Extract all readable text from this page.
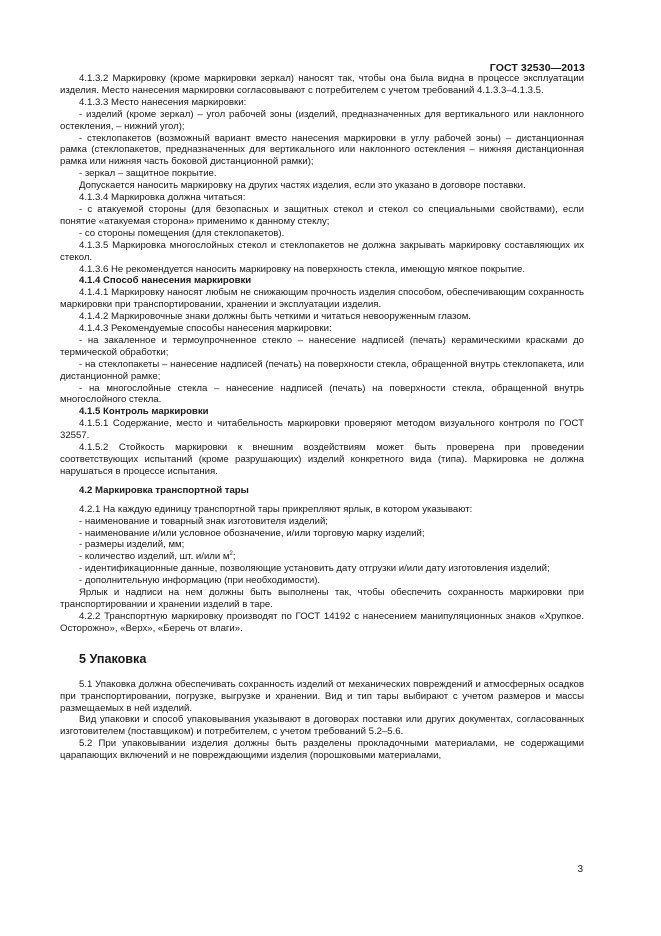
ГОСТ 32530—2013

4.1.3.2 Маркировку (кроме маркировки зеркал) наносят так, чтобы она была видна в процессе эксплуатации изделия. Место нанесения маркировки согласовывают с потребителем с учетом требований 4.1.3.3–4.1.3.5.

4.1.3.3 Место нанесения маркировки:

- изделий (кроме зеркал) – угол рабочей зоны (изделий, предназначенных для вертикального или наклонного остекления, – нижний угол);

- стеклопакетов (возможный вариант вместо нанесения маркировки в углу рабочей зоны) – дистанционная рамка (стеклопакетов, предназначенных для вертикального или наклонного остекления – нижняя дистанционная рамка или нижняя часть боковой дистанционной рамки);

- зеркал – защитное покрытие.

Допускается наносить маркировку на других частях изделия, если это указано в договоре поставки.

4.1.3.4 Маркировка должна читаться:

- с атакуемой стороны (для безопасных и защитных стекол и стекол со специальными свойствами), если понятие «атакуемая сторона» применимо к данному стеклу;

- со стороны помещения (для стеклопакетов).

4.1.3.5 Маркировка многослойных стекол и стеклопакетов не должна закрывать маркировку составляющих их стекол.

4.1.3.6 Не рекомендуется наносить маркировку на поверхность стекла, имеющую мягкое покрытие.

4.1.4 Способ нанесения маркировки

4.1.4.1 Маркировку наносят любым не снижающим прочность изделия способом, обеспечивающим сохранность маркировки при транспортировании, хранении и эксплуатации изделия.

4.1.4.2 Маркировочные знаки должны быть четкими и читаться невооруженным глазом.

4.1.4.3 Рекомендуемые способы нанесения маркировки:

- на закаленное и термоупрочненное стекло – нанесение надписей (печать) керамическими красками до термической обработки;

- на стеклопакеты – нанесение надписей (печать) на поверхности стекла, обращенной внутрь стеклопакета, или дистанционной рамке;

- на многослойные стекла – нанесение надписей (печать) на поверхности стекла, обращенной внутрь многослойного стекла.

4.1.5 Контроль маркировки

4.1.5.1 Содержание, место и читабельность маркировки проверяют методом визуального контроля по ГОСТ 32557.

4.1.5.2 Стойкость маркировки к внешним воздействиям может быть проверена при проведении соответствующих испытаний (кроме разрушающих) изделий конкретного вида (типа). Маркировка не должна нарушаться в процессе испытания.

4.2 Маркировка транспортной тары

4.2.1 На каждую единицу транспортной тары прикрепляют ярлык, в котором указывают:

- наименование и товарный знак изготовителя изделий;

- наименование и/или условное обозначение, и/или торговую марку изделий;

- размеры изделий, мм;

- количество изделий, шт. и/или $м^2$;

- идентификационные данные, позволяющие установить дату отгрузки и/или дату изготовления изделий;

- дополнительную информацию (при необходимости).

Ярлык и надписи на нем должны быть выполнены так, чтобы обеспечить сохранность маркировки при транспортировании и хранении изделий в таре.

4.2.2 Транспортную маркировку производят по ГОСТ 14192 с нанесением манипуляционных знаков «Хрупкое. Осторожно», «Верх», «Беречь от влаги».

5 Упаковка

5.1 Упаковка должна обеспечивать сохранность изделий от механических повреждений и атмосферных осадков при транспортировании, погрузке, выгрузке и хранении. Вид и тип тары выбирают с учетом размеров и массы размещаемых в ней изделий.

Вид упаковки и способ упаковывания указывают в договорах поставки или других документах, согласованных изготовителем (поставщиком) и потребителем, с учетом требований 5.2–5.6.

5.2 При упаковывании изделия должны быть разделены прокладочными материалами, не содержащими царапающих включений и не повреждающими изделия (порошковыми материалами,

3
